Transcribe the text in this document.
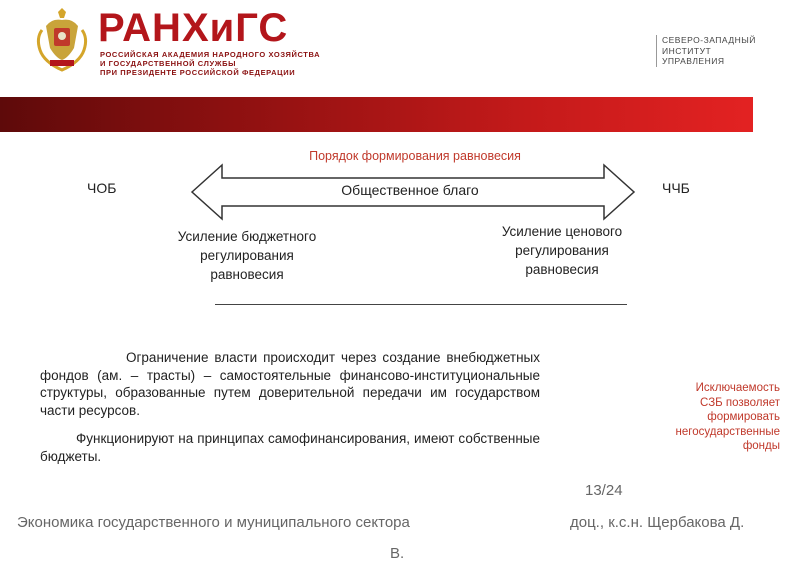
РАНХиГС
РОССИЙСКАЯ АКАДЕМИЯ НАРОДНОГО ХОЗЯЙСТВА
И ГОСУДАРСТВЕННОЙ СЛУЖБЫ
ПРИ ПРЕЗИДЕНТЕ РОССИЙСКОЙ ФЕДЕРАЦИИ
СЕВЕРО-ЗАПАДНЫЙ
ИНСТИТУТ
УПРАВЛЕНИЯ
Порядок формирования равновесия
ЧОБ	ЧЧБ
Общественное благо
Усиление бюджетного
регулирования
равновесия
Усиление ценового
регулирования
равновесия
Ограничение власти происходит через создание внебюджетных фондов (ам. – трасты) – самостоятельные финансово-институциональные структуры, образованные путем доверительной передачи им государством части ресурсов.
Функционируют на принципах самофинансирования, имеют собственные бюджеты.
Исключаемость
СЗБ позволяет
формировать
негосударственные
фонды
13/24
Экономика государственного и муниципального сектора	доц., к.с.н. Щербакова Д.
В.
